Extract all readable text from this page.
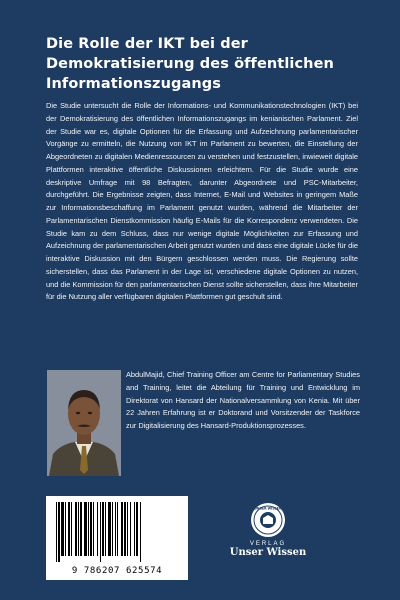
Die Rolle der IKT bei der Demokratisierung des öffentlichen Informationszugangs

Die Studie untersucht die Rolle der Informations- und Kommunikationstechnologien (IKT) bei der Demokratisierung des öffentlichen Informationszugangs im kenianischen Parlament. Ziel der Studie war es, digitale Optionen für die Erfassung und Aufzeichnung parlamentarischer Vorgänge zu ermitteln, die Nutzung von IKT im Parlament zu bewerten, die Einstellung der Abgeordneten zu digitalen Medienressourcen zu verstehen und festzustellen, inwieweit digitale Plattformen interaktive öffentliche Diskussionen erleichtern. Für die Studie wurde eine deskriptive Umfrage mit 98 Befragten, darunter Abgeordnete und PSC-Mitarbeiter, durchgeführt. Die Ergebnisse zeigten, dass Internet, E-Mail und Websites in geringem Maße zur Informationsbeschaffung im Parlament genutzt wurden, während die Mitarbeiter der Parlamentarischen Dienstkommission häufig E-Mails für die Korrespondenz verwendeten. Die Studie kam zu dem Schluss, dass nur wenige digitale Möglichkeiten zur Erfassung und Aufzeichnung der parlamentarischen Arbeit genutzt wurden und dass eine digitale Lücke für die interaktive Diskussion mit den Bürgern geschlossen werden muss. Die Regierung sollte sicherstellen, dass das Parlament in der Lage ist, verschiedene digitale Optionen zu nutzen, und die Kommission für den parlamentarischen Dienst sollte sicherstellen, dass ihre Mitarbeiter für die Nutzung aller verfügbaren digitalen Plattformen gut geschult sind.

AbdulMajid, Chief Training Officer am Centre for Parliamentary Studies and Training, leitet die Abteilung für Training und Entwicklung im Direktorat von Hansard der Nationalversammlung von Kenia. Mit über 22 Jahren Erfahrung ist er Doktorand und Vorsitzender der Taskforce zur Digitalisierung des Hansard-Produktionsprozesses.

9 786207 625574
UNSER WISSEN
VERLAG
Unser Wissen
